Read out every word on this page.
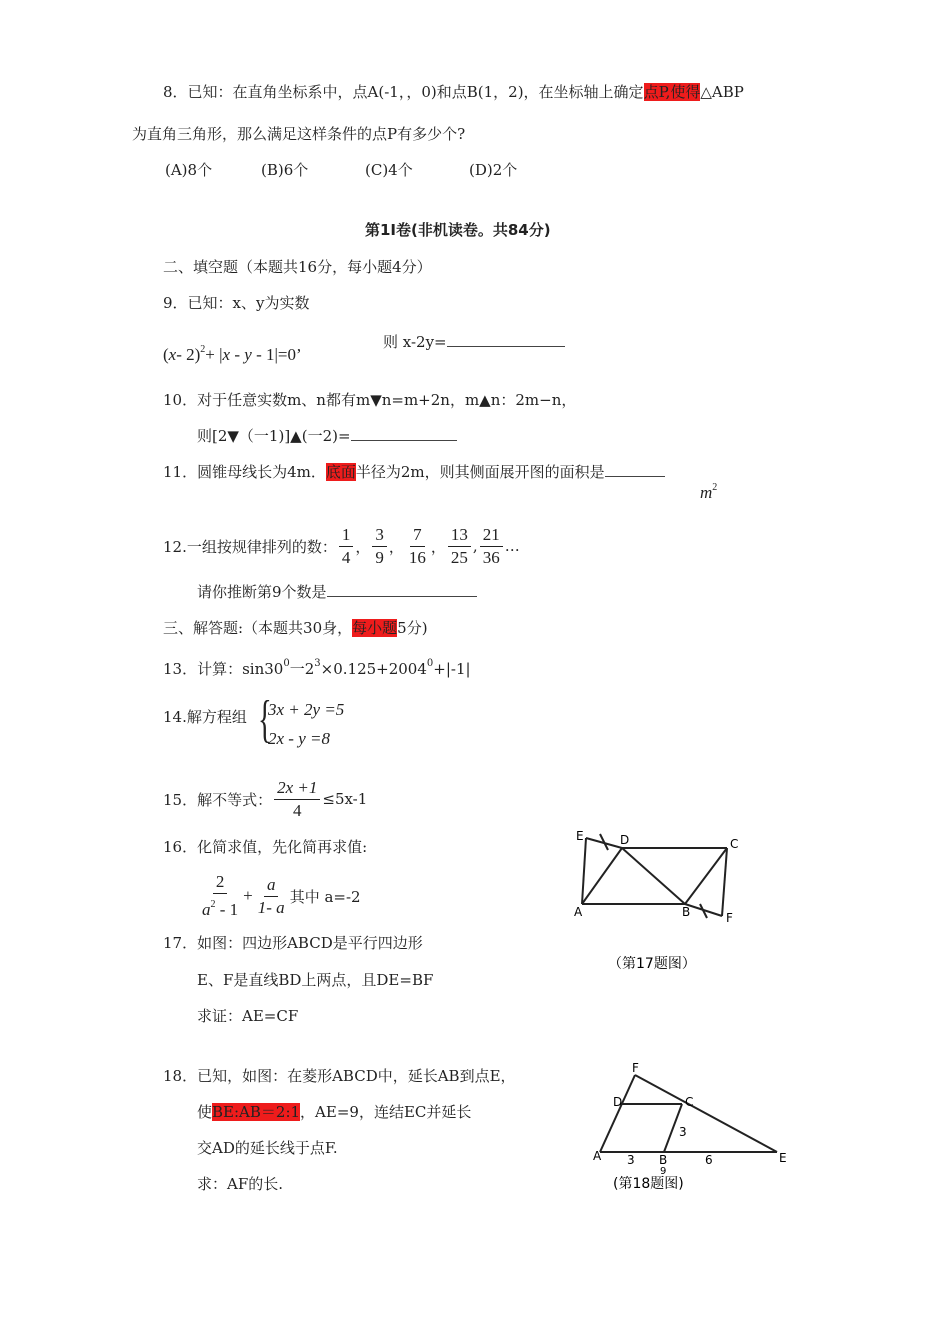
8．已知：在直角坐标系中，点A(-1，，0)和点B(1，2)，在坐标轴上确定点P,使得△ABP
为直角三角形，那么满足这样条件的点P有多少个?
(A)8个	(B)6个	(C)4个	(D)2个
第1I卷(非机读卷。共84分)
二、填空题（本题共16分，每小题4分）
9．已知：x、y为实数
(x- 2)$^2$+ |x - y - 1|=0’
则 x-2y=
10．对于任意实数m、n都有m▼n=m+2n，m▲n：2m−n，
则[2▼（一1)]▲(一2)=
11．圆锥母线长为4m．底面半径为2m，则其侧面展开图的面积是
$m^2$
12.一组按规律排列的数： $\frac{1}{4}$ ， $\frac{3}{9}$ ， $\frac{7}{16}$ ， $\frac{13}{25}$ , $\frac{21}{36}$ …
请你推断第9个数是
三、解答题:（本题共30身，每小题5分)
13．计算：$\sin 30^0$一$2^3\times 0.125+2004^0+|-1|$
14.解方程组 {
3x + 2y =5
2x - y =8
15．解不等式： $\frac{2x +1}{4} \le 5x-1$
16．化简求值，先化简再求值:
$\frac{2}{a^2 - 1} + \frac{a}{1- a}$ 其中 a=-2
17．如图：四边形ABCD是平行四边形
E、F是直线BD上两点，且DE=BF
求证：AE=CF
E	D	C
A	B	F
（第17题图）
18．已知，如图：在菱形ABCD中，延长AB到点E，
使BE:AB＝2:1，AE=9，连结EC并延长
交AD的延长线于点F.
求：AF的长.
F
D	C
A	B	E
3
3
6
9
(第18题图)
